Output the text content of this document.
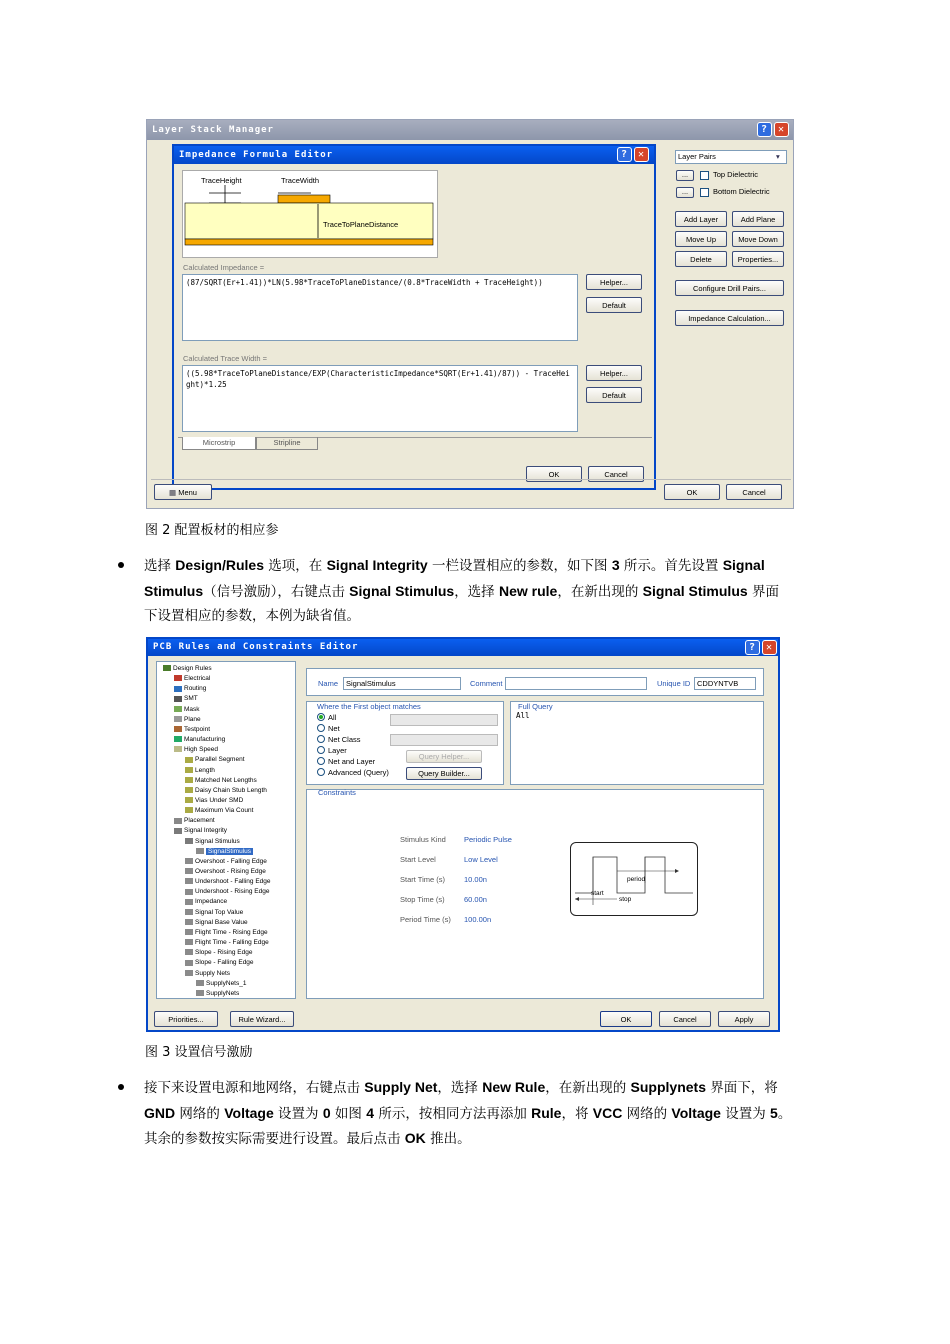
Layer Stack Manager	? ✕
Impedance Formula Editor	? ✕
TraceHeight	TraceWidth
TraceToPlaneDistance
Calculated Impedance =
(87/SQRT(Er+1.41))*LN(5.98*TraceToPlaneDistance/(0.8*TraceWidth + TraceHeight))	Helper...
Default
Calculated Trace Width =
((5.98*TraceToPlaneDistance/EXP(CharacteristicImpedance*SQRT(Er+1.41)/87)) - TraceHeight)*1.25
Helper...
Default
Microstrip	Stripline
OK	Cancel
Layer Pairs	▾
...	Top Dielectric
...	Bottom Dielectric
Add Layer	Add Plane
Move Up	Move Down
Delete	Properties...
Configure Drill Pairs...
Impedance Calculation...
▦ Menu	OK	Cancel
图 2 配置板材的相应参
选择 Design/Rules 选项，在 Signal Integrity 一栏设置相应的参数，如下图 3 所示。首先设置 Signal
Stimulus（信号激励），右键点击 Signal Stimulus，选择 New rule，在新出现的 Signal Stimulus 界面
下设置相应的参数，本例为缺省值。
PCB Rules and Constraints Editor	? ✕
Design Rules
Electrical
Routing
SMT
Mask
Plane
Testpoint
Manufacturing
High Speed
Parallel Segment
Length
Matched Net Lengths
Daisy Chain Stub Length
Vias Under SMD
Maximum Via Count
Placement
Signal Integrity
Signal Stimulus
SignalStimulus
Overshoot - Falling Edge
Overshoot - Rising Edge
Undershoot - Falling Edge
Undershoot - Rising Edge
Impedance
Signal Top Value
Signal Base Value
Flight Time - Rising Edge
Flight Time - Falling Edge
Slope - Rising Edge
Slope - Falling Edge
Supply Nets
SupplyNets_1
SupplyNets
Name SignalStimulus	Comment	Unique ID CDDYNTVB
Where the First object matches
All
Net
Net Class
Layer
Net and Layer
Advanced (Query)
Query Helper...
Query Builder...
Full Query
All
Constraints
Stimulus Kind Periodic Pulse
Start Level	Low Level
Start Time (s)	10.00n
Stop Time (s)	60.00n
Period Time (s) 100.00n
period
start
stop
Priorities...	Rule Wizard...	OK	Cancel	Apply
图 3 设置信号激励
接下来设置电源和地网络，右键点击 Supply Net，选择 New Rule，在新出现的 Supplynets 界面下，将
GND 网络的 Voltage 设置为 0 如图 4 所示，按相同方法再添加 Rule，将 VCC 网络的 Voltage 设置为 5。
其余的参数按实际需要进行设置。最后点击 OK 推出。
